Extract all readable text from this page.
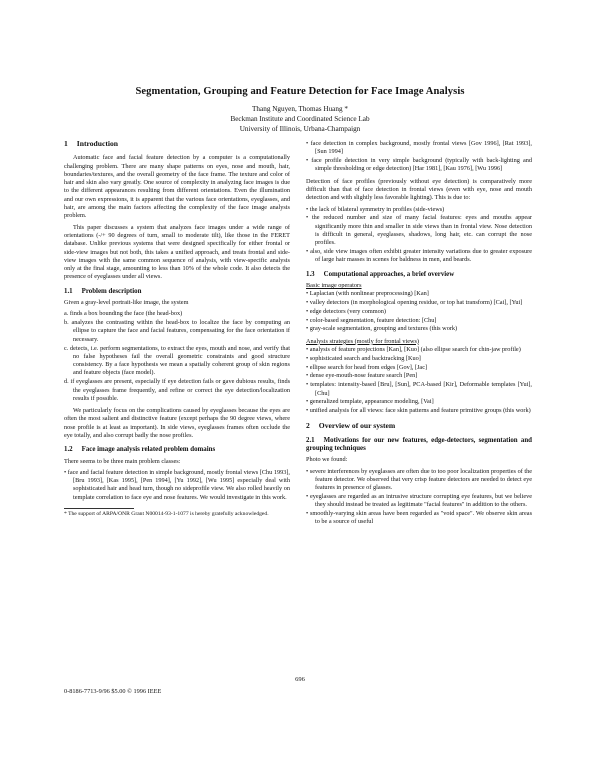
Segmentation, Grouping and Feature Detection for Face Image Analysis
Thang Nguyen, Thomas Huang *
Beckman Institute and Coordinated Science Lab
University of Illinois, Urbana-Champaign
1 Introduction

Automatic face and facial feature detection by a computer is a computationally challenging problem. There are many shape patterns on eyes, nose and mouth, hair, boundaries/textures, and the overall geometry of the face frame. The texture and color of hair and skin also vary greatly. One source of complexity in analyzing face images is due to the different appearances resulting from different orientations. Even the illumination and our own expressions, it is apparent that the various face orientations, eyeglasses, and hair, are among the main factors affecting the complexity of the face image analysis problem.

This paper discusses a system that analyzes face images under a wide range of orientations (-/+ 90 degrees of turn, small to moderate tilt), like those in the FERET database. Unlike previous systems that were designed specifically for either frontal or side-view images but not both, this takes a unified approach, and treats frontal and side-view images with the same common sequence of analysis, with view-specific analysis only at the final stage, amounting to less than 10% of the whole code. It also detects the presence of eyeglasses under all views.

1.1 Problem description

Given a gray-level portrait-like image, the system

a. finds a box bounding the face (the head-box)
b. analyzes the contrasting within the head-box to localize the face by computing an ellipse to capture the face and facial features, compensating for the face orientation if necessary.
c. detects, i.e. perform segmentations, to extract the eyes, mouth and nose, and verify that no false hypotheses fail the overall geometric constraints and good structure consistency. By a face hypothesis we mean a spatially coherent group of skin regions and feature objects (face model).
d. if eyeglasses are present, especially if eye detection fails or gave dubious results, finds the eyeglasses frame frequently, and refine or correct the eye detection/localization results if possible.

We particularly focus on the complications caused by eyeglasses because the eyes are often the most salient and distinctive feature (except perhaps the 90 degree views, where nose profile is at least as important). In side views, eyeglasses frames often occlude the eye totally, and also corrupt badly the nose profiles.

1.2 Face image analysis related problem domains

There seems to be three main problem classes:

• face and facial feature detection in simple background, mostly frontal views [Chu 1993], [Bru 1993], [Kas 1995], [Pen 1994], [Yu 1992], [Wu 1995] especially deal with sophisticated hair and head turn, though no sideprofile view. We also rolled heavily on template correlation to face eye and nose features. We would investigate in this work.
* The support of ARPA/ONR Grant N00014-93-1-1077 is hereby gratefully acknowledged.
• face detection in complex background, mostly frontal views [Gov 1996], [Rat 1993], [Sun 1994]
• face profile detection in very simple background (typically with back-lighting and simple thresholding or edge detection) [Har 1981], [Kau 1976], [Wu 1996]

Detection of face profiles (previously without eye detection) is comparatively more difficult than that of face detection in frontal views (even with eye, nose and mouth detection and with slightly less favorable lighting). This is due to:

• the lack of bilateral symmetry in profiles (side-views)
• the reduced number and size of many facial features: eyes and mouths appear significantly more thin and smaller in side views than in frontal view. Nose detection is difficult in general, eyeglasses, shadows, long hair, etc. can corrupt the nose profiles.
• also, side view images often exhibit greater intensity variations due to greater exposure of large hair masses in scenes for baldness in men, and beards.
1.3 Computational approaches, a brief overview
Basic image operators
• Laplacian (with nonlinear preprocessing) [Kan]
• valley detectors (in morphological opening residue, or top hat transform) [Cai], [Yui]
• edge detectors (very common)
• color-based segmentation, feature detection: [Chu]
• gray-scale segmentation, grouping and textures (this work)
Analysis strategies (mostly for frontal views)
• analysis of feature projections [Kan], [Kuo] (also ellipse search for chin-jaw profile)
• sophisticated search and backtracking [Kuo]
• ellipse search for head from edges [Gov], [Jac]
• dense eye-mouth-nose feature search [Pen]
• templates: intensity-based [Bru], [Sun], PCA-based [Kir], Deformable templates [Yui], [Chu]
• generalized template, appearance modeling, [Vai]
• unified analysis for all views: face skin patterns and feature primitive groups (this work)
2 Overview of our system
2.1 Motivations for our new features, edge-detectors, segmentation and grouping techniques

Photo we found:

• severe interferences by eyeglasses are often due to too poor localization properties of the feature detector. We observed that very crisp feature detectors are needed to detect eye features in presence of glasses.
• eyeglasses are regarded as an intrusive structure corrupting eye features, but we believe they should instead be treated as legitimate "facial features" in addition to the others.
• smoothly-varying skin areas have been regarded as "void space". We observe skin areas to be a source of useful
696
0-8186-7713-9/96 $5.00 © 1996 IEEE
